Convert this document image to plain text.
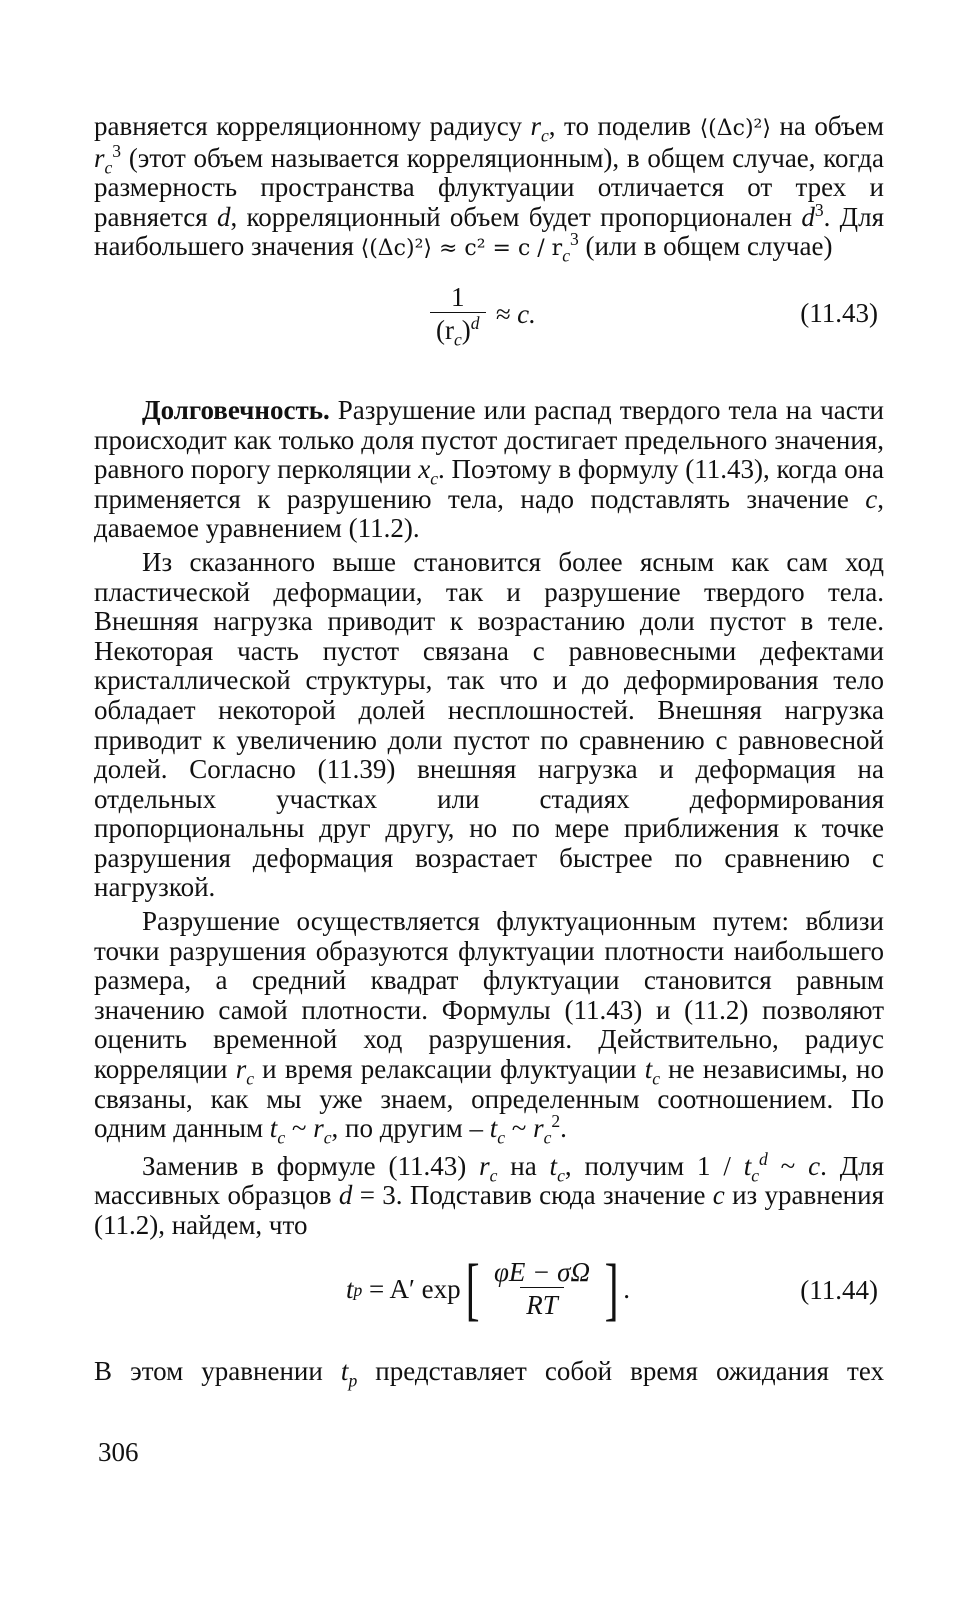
равняется корреляционному радиусу $r_c$, то поделив ⟨(Δc)²⟩ на объем $r_c^3$ (этот объем называется корреляционным), в общем случае, когда размерность пространства флуктуации отличается от трех и равняется d, корреляционный объем будет пропорционален $d^3$. Для наибольшего значения ⟨(Δc)²⟩ ≈ $c^2 = c / r_c^3$ (или в общем случае)

$\frac{1}{(r_c)^d} \approx c$.	(11.43)

Долговечность. Разрушение или распад твердого тела на части происходит как только доля пустот достигает предельного значения, равного порогу перколяции $x_c$. Поэтому в формулу (11.43), когда она применяется к разрушению тела, надо подставлять значение c, даваемое уравнением (11.2).

Из сказанного выше становится более ясным как сам ход пластической деформации, так и разрушение твердого тела. Внешняя нагрузка приводит к возрастанию доли пустот в теле. Некоторая часть пустот связана с равновесными дефектами кристаллической структуры, так что и до деформирования тело обладает некоторой долей несплошностей. Внешняя нагрузка приводит к увеличению доли пустот по сравнению с равновесной долей. Согласно (11.39) внешняя нагрузка и деформация на отдельных участках или стадиях деформирования пропорциональны друг другу, но по мере приближения к точке разрушения деформация возрастает быстрее по сравнению с нагрузкой.

Разрушение осуществляется флуктуационным путем: вблизи точки разрушения образуются флуктуации плотности наибольшего размера, а средний квадрат флуктуации становится равным значению самой плотности. Формулы (11.43) и (11.2) позволяют оценить временной ход разрушения. Действительно, радиус корреляции $r_c$ и время релаксации флуктуации $t_c$ не независимы, но связаны, как мы уже знаем, определенным соотношением. По одним данным $t_c$ ~ $r_c$, по другим – $t_c$ ~ $r_c^2$.

Заменив в формуле (11.43) $r_c$ на $t_c$, получим $1 / t_c^d$ ~ c. Для массивных образцов d = 3. Подставив сюда значение c из уравнения (11.2), найдем, что

t p = A′ exp [ $\frac{\varphi E - \sigma\Omega}{RT}$ ] .	(11.44)

В этом уравнении $t_p$ представляет собой время ожидания тех

306
